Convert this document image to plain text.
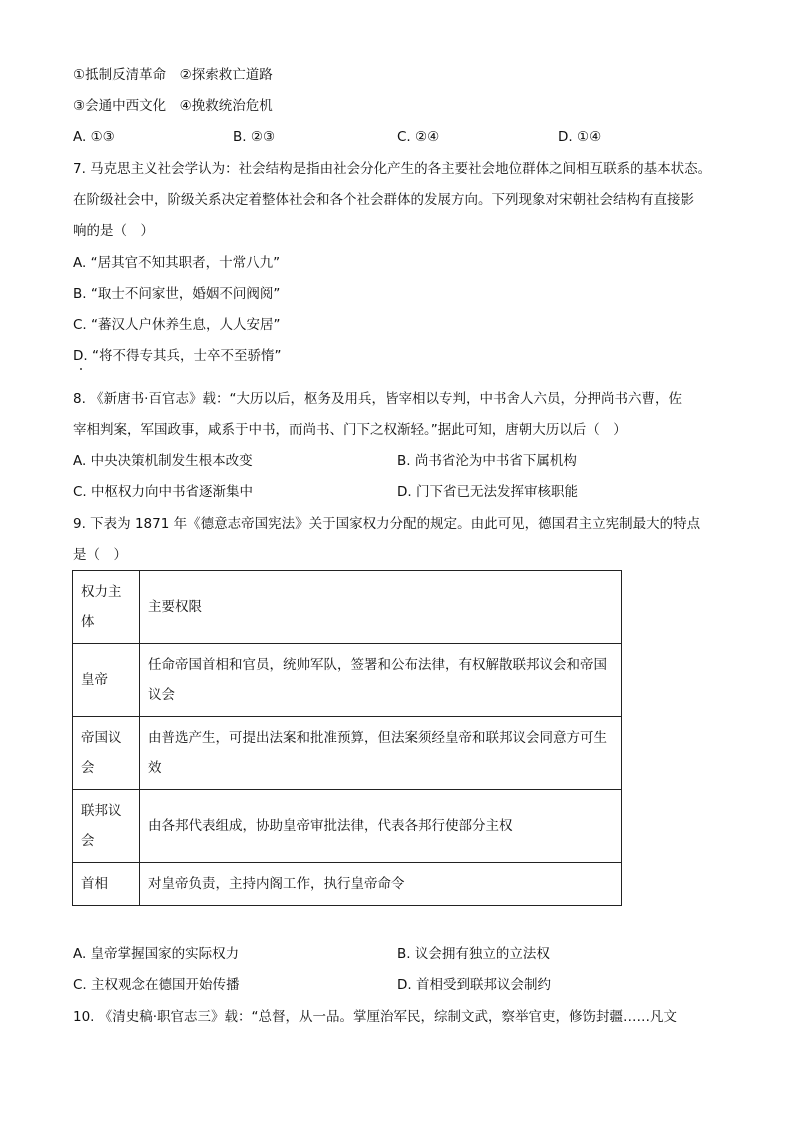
①抵制反清革命　②探索救亡道路
③会通中西文化　④挽救统治危机
A. ①③	B. ②③	C. ②④	D. ①④
7. 马克思主义社会学认为：社会结构是指由社会分化产生的各主要社会地位群体之间相互联系的基本状态。
在阶级社会中，阶级关系决定着整体社会和各个社会群体的发展方向。下列现象对宋朝社会结构有直接影
响的是（　）
A. “居其官不知其职者，十常八九”
B. “取士不问家世，婚姻不问阀阅”
C. “蕃汉人户休养生息，人人安居”
D. “将不得专其兵，士卒不至骄惰”
8. 《新唐书·百官志》载：“大历以后，枢务及用兵，皆宰相以专判，中书舍人六员，分押尚书六曹，佐
宰相判案，军国政事，咸系于中书，而尚书、门下之权渐轻。”据此可知，唐朝大历以后（　）
A. 中央决策机制发生根本改变	B. 尚书省沦为中书省下属机构
C. 中枢权力向中书省逐渐集中	D. 门下省已无法发挥审核职能
9. 下表为 1871 年《德意志帝国宪法》关于国家权力分配的规定。由此可见，德国君主立宪制最大的特点
是（　）
权力主体	主要权限
皇帝	任命帝国首相和官员，统帅军队，签署和公布法律，有权解散联邦议会和帝国议会
帝国议会	由普选产生，可提出法案和批准预算，但法案须经皇帝和联邦议会同意方可生效
联邦议会	由各邦代表组成，协助皇帝审批法律，代表各邦行使部分主权
首相	对皇帝负责，主持内阁工作，执行皇帝命令
A. 皇帝掌握国家的实际权力	B. 议会拥有独立的立法权
C. 主权观念在德国开始传播	D. 首相受到联邦议会制约
10. 《清史稿·职官志三》载：“总督，从一品。掌厘治军民，综制文武，察举官吏，修饬封疆……凡文
